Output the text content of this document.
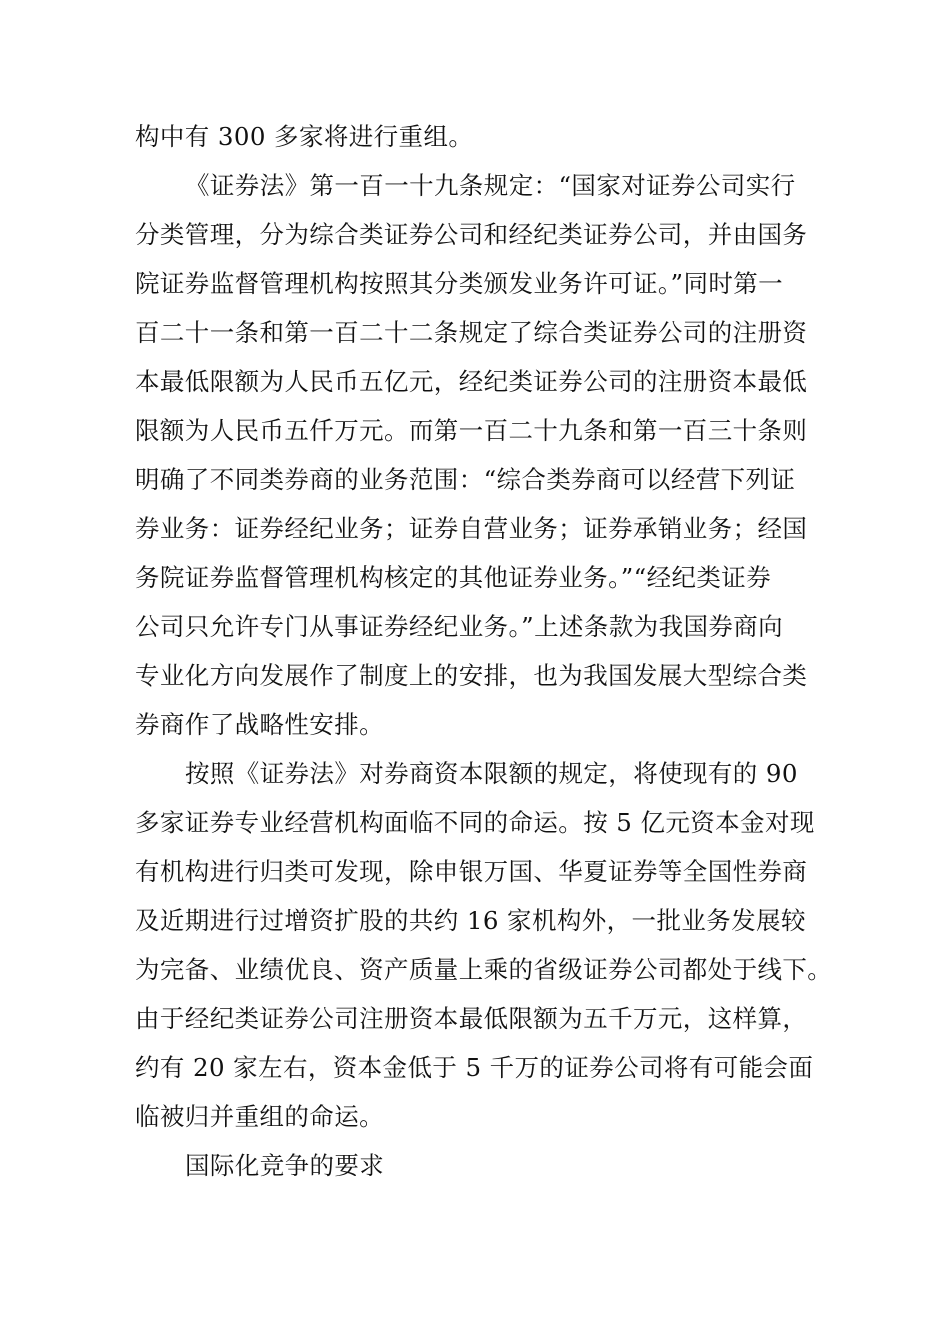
构中有 300 多家将进行重组。
《证券法》第一百一十九条规定：“国家对证券公司实行
分类管理，分为综合类证券公司和经纪类证券公司，并由国务
院证券监督管理机构按照其分类颁发业务许可证。”同时第一
百二十一条和第一百二十二条规定了综合类证券公司的注册资
本最低限额为人民币五亿元，经纪类证券公司的注册资本最低
限额为人民币五仟万元。而第一百二十九条和第一百三十条则
明确了不同类券商的业务范围：“综合类券商可以经营下列证
券业务：证券经纪业务；证券自营业务；证券承销业务；经国
务院证券监督管理机构核定的其他证券业务。”“经纪类证券
公司只允许专门从事证券经纪业务。”上述条款为我国券商向
专业化方向发展作了制度上的安排，也为我国发展大型综合类
券商作了战略性安排。
按照《证券法》对券商资本限额的规定，将使现有的 90
多家证券专业经营机构面临不同的命运。按 5 亿元资本金对现
有机构进行归类可发现，除申银万国、华夏证券等全国性券商
及近期进行过增资扩股的共约 16 家机构外，一批业务发展较
为完备、业绩优良、资产质量上乘的省级证券公司都处于线下。
由于经纪类证券公司注册资本最低限额为五千万元，这样算，
约有 20 家左右，资本金低于 5 千万的证券公司将有可能会面
临被归并重组的命运。
国际化竞争的要求
